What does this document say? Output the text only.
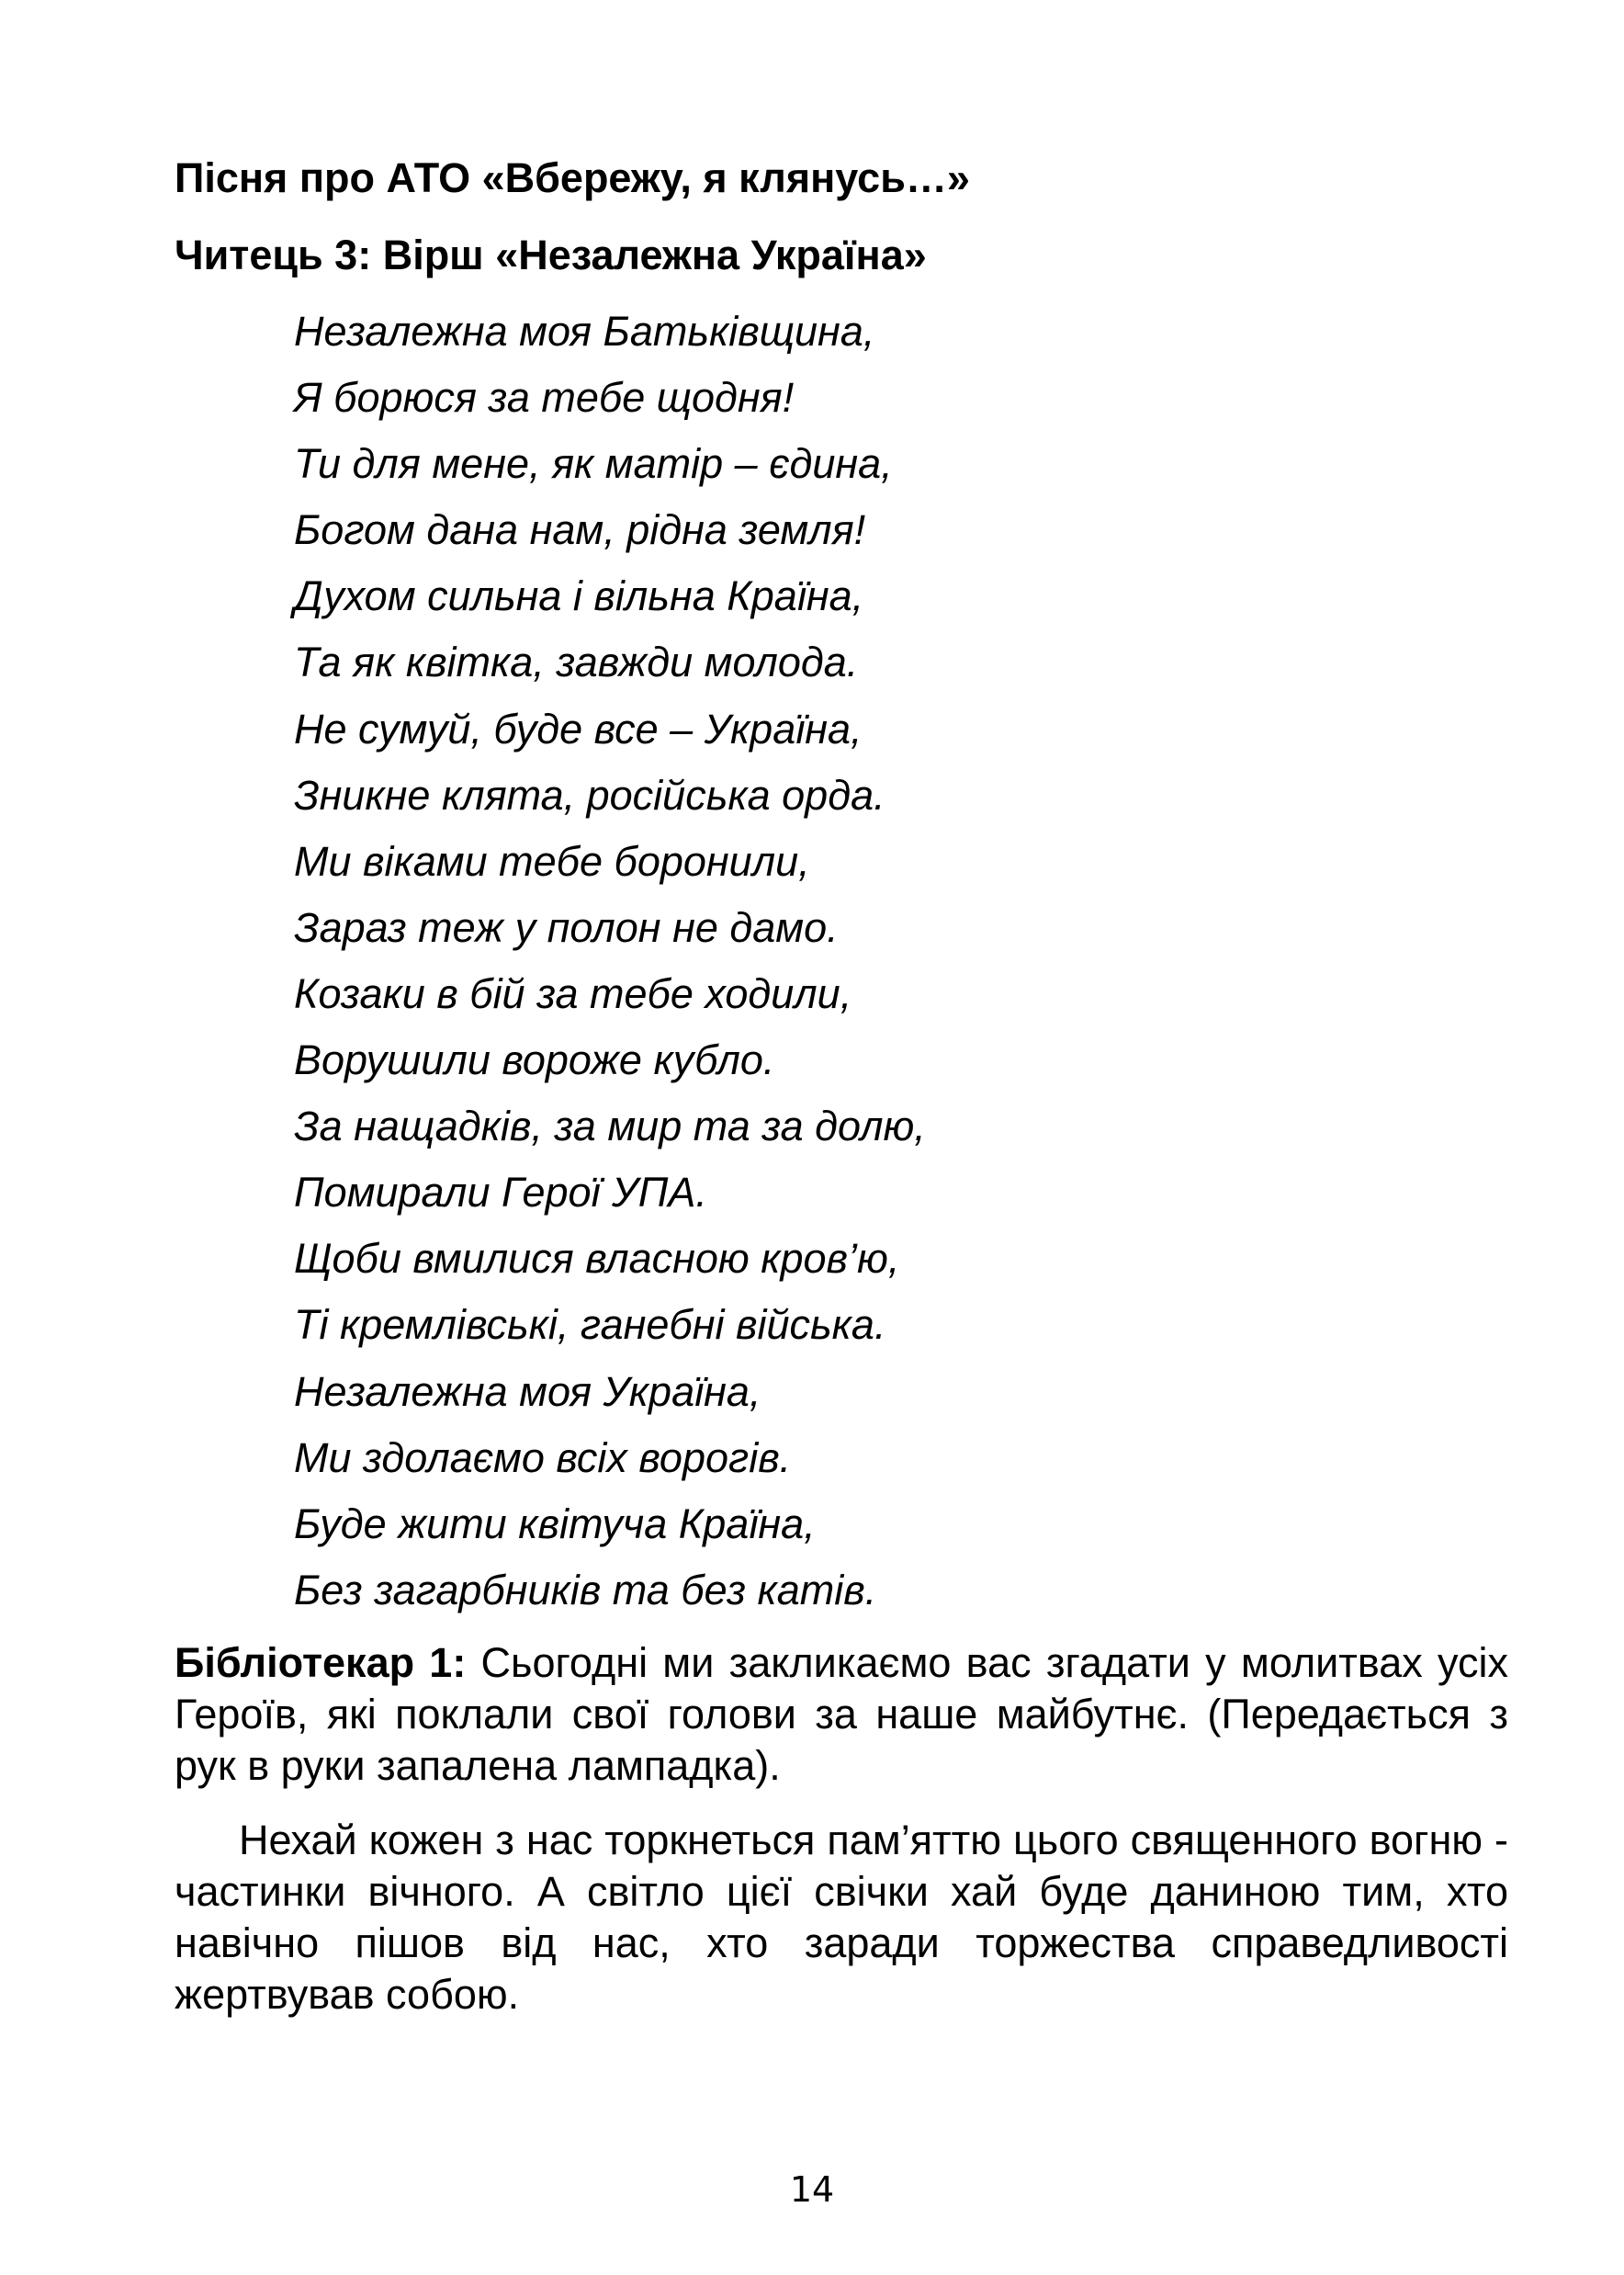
Пісня про АТО «Вбережу, я клянусь…»
Читець 3: Вірш «Незалежна Україна»
Незалежна моя Батьківщина,
Я борюся за тебе щодня!
Ти для мене, як матір – єдина,
Богом дана нам, рідна земля!
Духом сильна і вільна Країна,
Та як квітка, завжди молода.
Не сумуй, буде все – Україна,
Зникне клята, російська орда.
Ми віками тебе боронили,
Зараз теж у полон не дамо.
Козаки в бій за тебе ходили,
Ворушили вороже кубло.
За нащадків, за мир та за долю,
Помирали Герої УПА.
Щоби вмилися власною кров’ю,
Ті кремлівські, ганебні війська.
Незалежна моя Україна,
Ми здолаємо всіх ворогів.
Буде жити квітуча Країна,
Без загарбників та без катів.

Бібліотекар 1: Сьогодні ми закликаємо вас згадати у молитвах усіх Героїв, які поклали свої голови за наше майбутнє. (Передається з рук в руки запалена лампадка).

Нехай кожен з нас торкнеться пам’яттю цього священного вогню - частинки вічного. А світло цієї свічки хай буде даниною тим, хто навічно пішов від нас, хто заради торжества справедливості жертвував собою.

14
